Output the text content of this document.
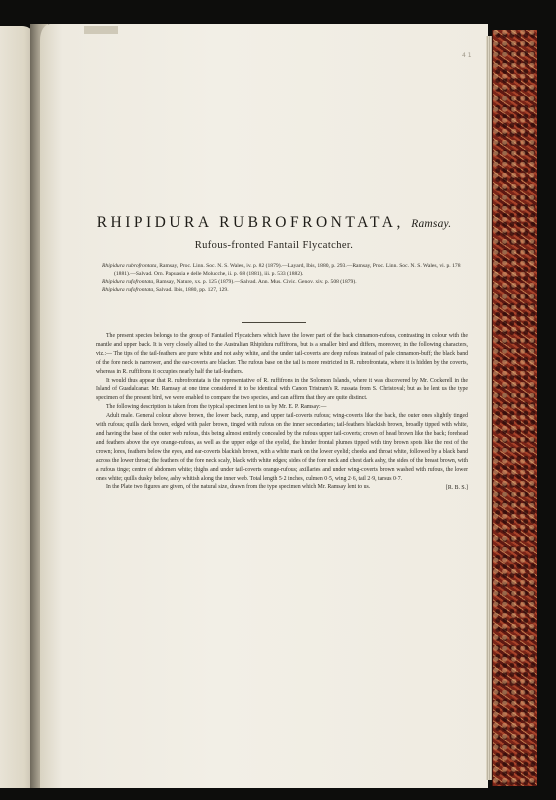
4 1
RHIPIDURA RUBROFRONTATA, Ramsay.
Rufous-fronted Fantail Flycatcher.

Rhipidura rubrofrontata, Ramsay, Proc. Linn. Soc. N. S. Wales, iv. p. 82 (1879).—Layard, Ibis, 1880, p. 293.—Ramsay, Proc. Linn. Soc. N. S. Wales, vi. p. 178 (1881).—Salvad. Orn. Papuasia e delle Molucche, ii. p. 68 (1881), iii. p. 533 (1882).

Rhipidura rufofrontata, Ramsay, Nature, xx. p. 125 (1879).—Salvad. Ann. Mus. Civic. Genov. xiv. p. 508 (1879).

Rhipidura rufofrontata, Salvad. Ibis, 1880, pp. 127, 129.

The present species belongs to the group of Fantailed Flycatchers which have the lower part of the back cinnamon-rufous, contrasting in colour with the mantle and upper back. It is very closely allied to the Australian Rhipidura ruffifrons, but is a smaller bird and differs, moreover, in the following characters, viz.:— The tips of the tail-feathers are pure white and not ashy white, and the under tail-coverts are deep rufous instead of pale cinnamon-buff; the black band of the fore neck is narrower, and the ear-coverts are blacker. The rufous base on the tail is more restricted in R. rubrofrontata, where it is hidden by the coverts, whereas in R. ruffifrons it occupies nearly half the tail-feathers.

It would thus appear that R. rubrofrontata is the representative of R. ruffifrons in the Solomon Islands, where it was discovered by Mr. Cockerell in the Island of Guadalcanar. Mr. Ramsay at one time considered it to be identical with Canon Tristram's R. russata from S. Christoval; but as he lent us the type specimen of the present bird, we were enabled to compare the two species, and can affirm that they are quite distinct.

The following description is taken from the typical specimen lent to us by Mr. E. P. Ramsay:—

Adult male. General colour above brown, the lower back, rump, and upper tail-coverts rufous; wing-coverts like the back, the outer ones slightly tinged with rufous; quills dark brown, edged with paler brown, tinged with rufous on the inner secondaries; tail-feathers blackish brown, broadly tipped with white, and having the base of the outer web rufous, this being almost entirely concealed by the rufous upper tail-coverts; crown of head brown like the back; forehead and feathers above the eye orange-rufous, as well as the upper edge of the eyelid, the hinder frontal plumes tipped with tiny brown spots like the rest of the crown; lores, feathers below the eyes, and ear-coverts blackish brown, with a white mark on the lower eyelid; cheeks and throat white, followed by a black band across the lower throat; the feathers of the fore neck scaly, black with white edges; sides of the fore neck and chest dark ashy, the sides of the breast brown, with a rufous tinge; centre of abdomen white; thighs and under tail-coverts orange-rufous; axillaries and under wing-coverts brown washed with rufous, the lower ones white; quills dusky below, ashy whitish along the inner web. Total length 5·2 inches, culmen 0·5, wing 2·6, tail 2·9, tarsus 0·7.

In the Plate two figures are given, of the natural size, drawn from the type specimen which Mr. Ramsay lent to us.	[R. B. S.]
